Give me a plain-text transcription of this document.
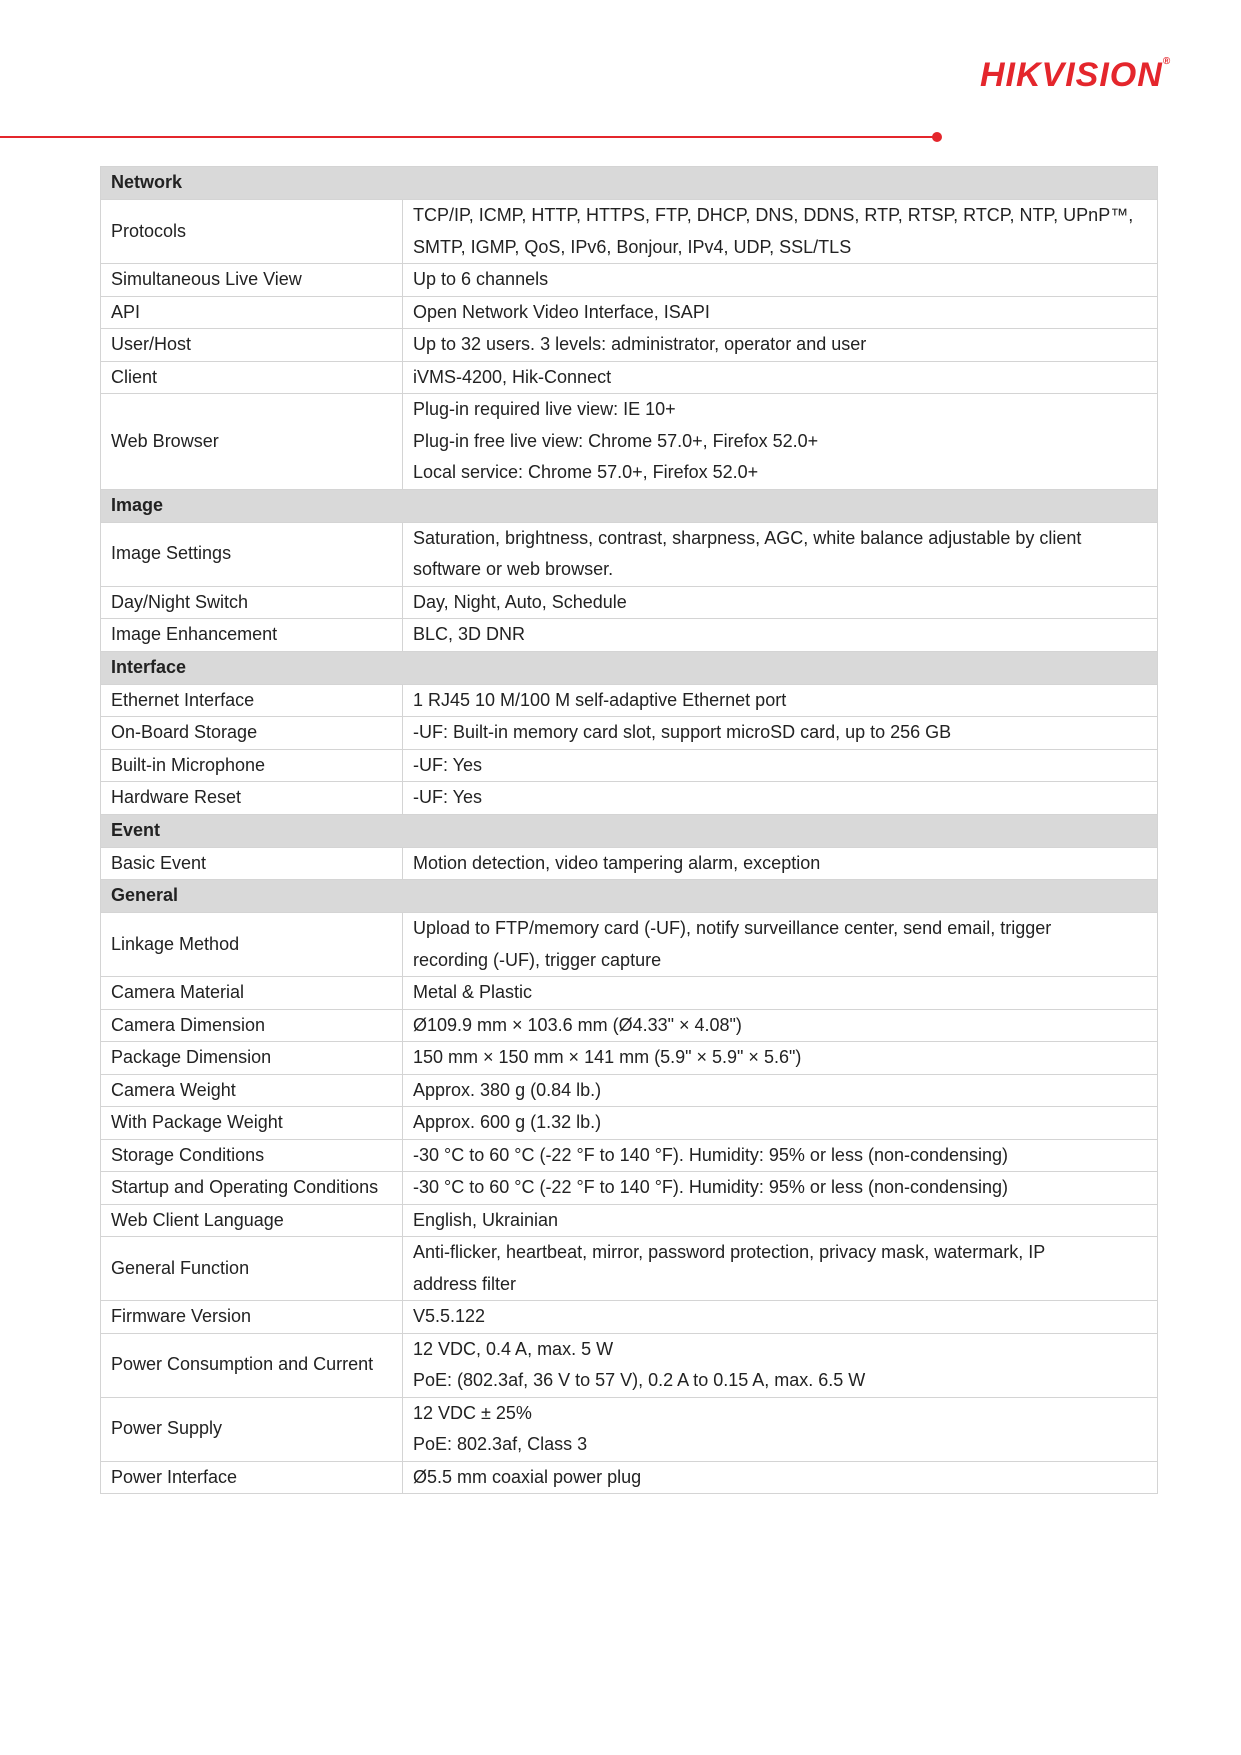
HIKVISION®
Network	
Protocols	TCP/IP, ICMP, HTTP, HTTPS, FTP, DHCP, DNS, DDNS, RTP, RTSP, RTCP, NTP, UPnP™,
SMTP, IGMP, QoS, IPv6, Bonjour, IPv4, UDP, SSL/TLS

Simultaneous Live View	Up to 6 channels

API	Open Network Video Interface, ISAPI

User/Host	Up to 32 users. 3 levels: administrator, operator and user

Client	iVMS-4200, Hik-Connect

Web Browser	Plug-in required live view: IE 10+
Plug-in free live view: Chrome 57.0+, Firefox 52.0+
Local service: Chrome 57.0+, Firefox 52.0+

Image	
Image Settings	Saturation, brightness, contrast, sharpness, AGC, white balance adjustable by client
software or web browser.

Day/Night Switch	Day, Night, Auto, Schedule

Image Enhancement	BLC, 3D DNR

Interface	
Ethernet Interface	1 RJ45 10 M/100 M self-adaptive Ethernet port

On-Board Storage	-UF: Built-in memory card slot, support microSD card, up to 256 GB

Built-in Microphone	-UF: Yes

Hardware Reset	-UF: Yes

Event	
Basic Event	Motion detection, video tampering alarm, exception

General	
Linkage Method	Upload to FTP/memory card (-UF), notify surveillance center, send email, trigger
recording (-UF), trigger capture

Camera Material	Metal & Plastic

Camera Dimension	Ø109.9 mm × 103.6 mm (Ø4.33" × 4.08")

Package Dimension	150 mm × 150 mm × 141 mm (5.9" × 5.9" × 5.6")

Camera Weight	Approx. 380 g (0.84 lb.)

With Package Weight	Approx. 600 g (1.32 lb.)

Storage Conditions	-30 °C to 60 °C (-22 °F to 140 °F). Humidity: 95% or less (non-condensing)

Startup and Operating Conditions	-30 °C to 60 °C (-22 °F to 140 °F). Humidity: 95% or less (non-condensing)

Web Client Language	English, Ukrainian

General Function	Anti-flicker, heartbeat, mirror, password protection, privacy mask, watermark, IP
address filter

Firmware Version	V5.5.122

Power Consumption and Current	12 VDC, 0.4 A, max. 5 W
PoE: (802.3af, 36 V to 57 V), 0.2 A to 0.15 A, max. 6.5 W

Power Supply	12 VDC ± 25%
PoE: 802.3af, Class 3

Power Interface	Ø5.5 mm coaxial power plug
